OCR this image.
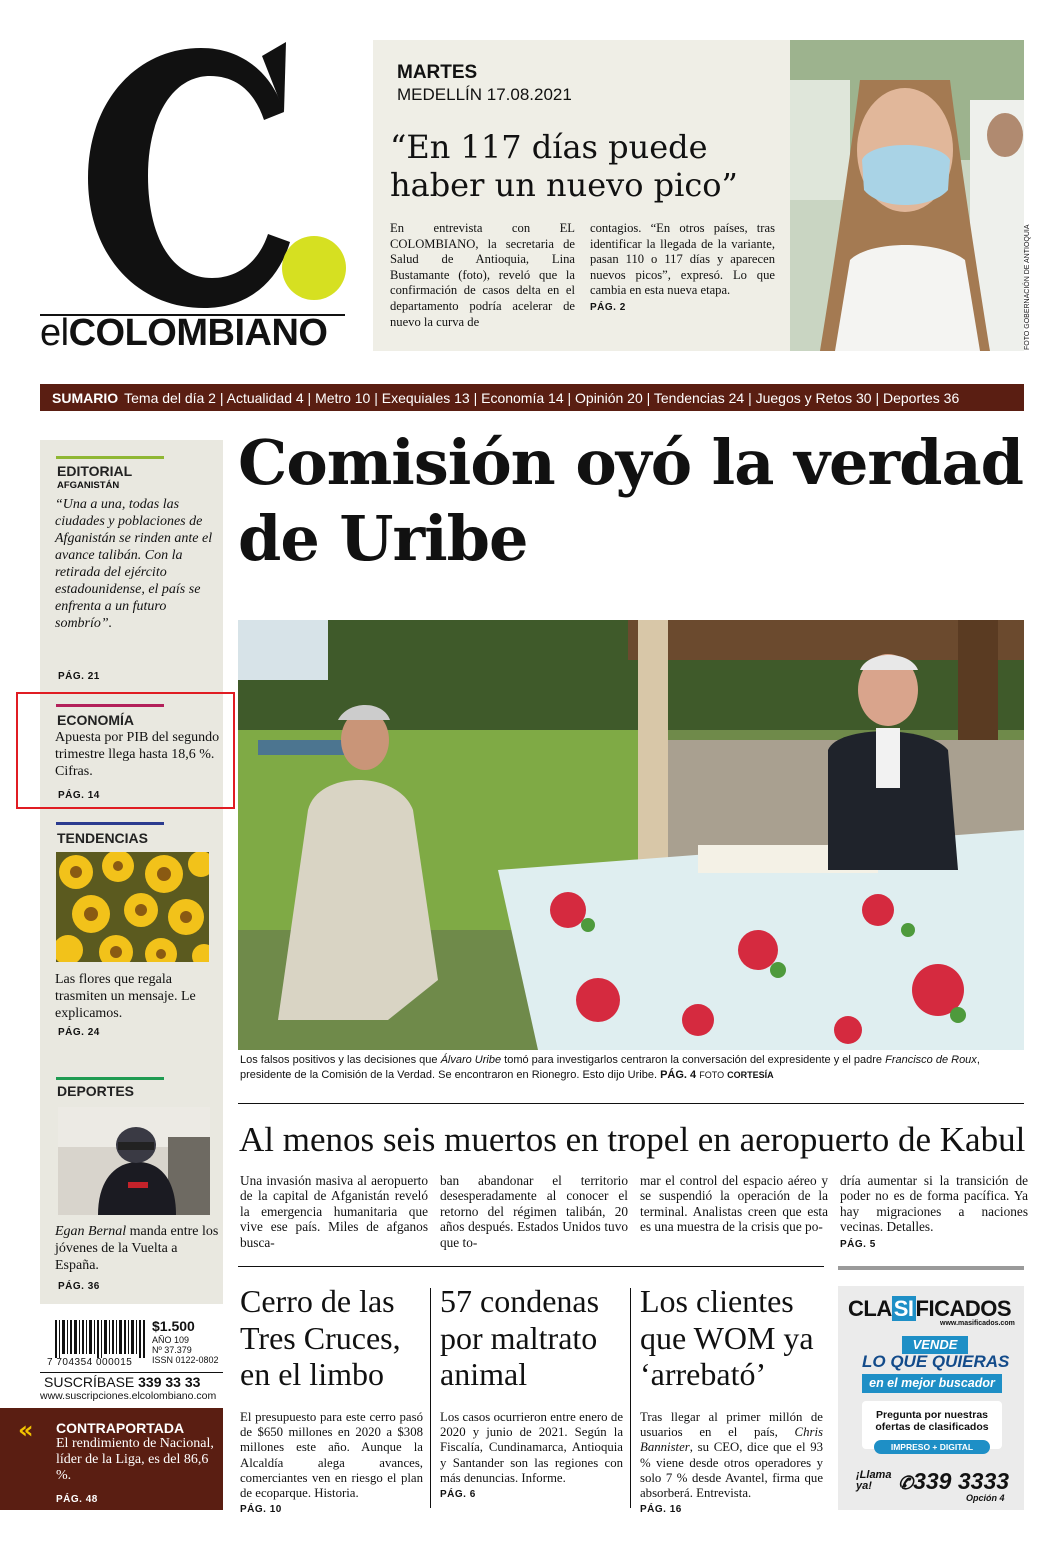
elCOLOMBIANO
MARTES
MEDELLÍN 17.08.2021
“En 117 días puede haber un nuevo pico”
En entrevista con EL COLOMBIANO, la secretaria de Salud de Antioquia, Lina Bustamante (foto), reveló que la confirmación de casos delta en el departamento podría acelerar de nuevo la curva de
contagios. “En otros países, tras identificar la llegada de la variante, pasan 110 o 117 días y aparecen nuevos picos”, expresó. Lo que cambia en esta nueva etapa.
PÁG. 2	FOTO GOBERNACIÓN DE ANTIOQUIA
SUMARIO Tema del día 2 | Actualidad 4 | Metro 10 | Exequiales 13 | Economía 14 | Opinión 20 | Tendencias 24 | Juegos y Retos 30 | Deportes 36
EDITORIAL
AFGANISTÁN
“Una a una, todas las ciudades y poblaciones de Afganistán se rinden ante el avance talibán. Con la retirada del ejército estadounidense, el país se enfrenta a un futuro sombrío”.
PÁG. 21
ECONOMÍA
Apuesta por PIB del segundo trimestre llega hasta 18,6 %. Cifras.
PÁG. 14
TENDENCIAS
Las flores que regala trasmiten un mensaje. Le explicamos.
PÁG. 24
DEPORTES
Egan Bernal manda entre los jóvenes de la Vuelta a España.
PÁG. 36
7 704354 000015
$1.500
AÑO 109
Nº 37.379
ISSN 0122-0802
SUSCRÍBASE 339 33 33
www.suscripciones.elcolombiano.com
« CONTRAPORTADA
El rendimiento de Nacional, líder de la Liga, es del 86,6 %.
PÁG. 48
Comisión oyó la verdad de Uribe
Los falsos positivos y las decisiones que Álvaro Uribe tomó para investigarlos centraron la conversación del expresidente y el padre Francisco de Roux, presidente de la Comisión de la Verdad. Se encontraron en Rionegro. Esto dijo Uribe. PÁG. 4 FOTO CORTESÍA
Al menos seis muertos en tropel en aeropuerto de Kabul
Una invasión masiva al aeropuerto de la capital de Afganistán reveló la emergencia humanitaria que vive ese país. Miles de afganos busca-
ban abandonar el territorio desesperadamente al conocer el retorno del régimen talibán, 20 años después. Estados Unidos tuvo que to-
mar el control del espacio aéreo y se suspendió la operación de la terminal. Analistas creen que esta es una muestra de la crisis que po-
dría aumentar si la transición de poder no es de forma pacífica. Ya hay migraciones a naciones vecinas. Detalles.
PÁG. 5
Cerro de las Tres Cruces, en el limbo
El presupuesto para este cerro pasó de $650 millones en 2020 a $308 millones este año. Aunque la Alcaldía alega avances, comerciantes ven en riesgo el plan de ecoparque. Historia.
PÁG. 10
57 condenas por maltrato animal
Los casos ocurrieron entre enero de 2020 y junio de 2021. Según la Fiscalía, Cundinamarca, Antioquia y Santander son las regiones con más denuncias. Informe.
PÁG. 6
Los clientes que WOM ya ‘arrebató’
Tras llegar al primer millón de usuarios en el país, Chris Bannister, su CEO, dice que el 93 % viene desde otros operadores y solo 7 % desde Avantel, firma que absorberá. Entrevista.
PÁG. 16
CLASIFICADOS
www.masificados.com
VENDE
LO QUE QUIERAS
en el mejor buscador
Pregunta por nuestras ofertas de clasificados
IMPRESO + DIGITAL
¡Llama ya!	✆339 3333
Opción 4
